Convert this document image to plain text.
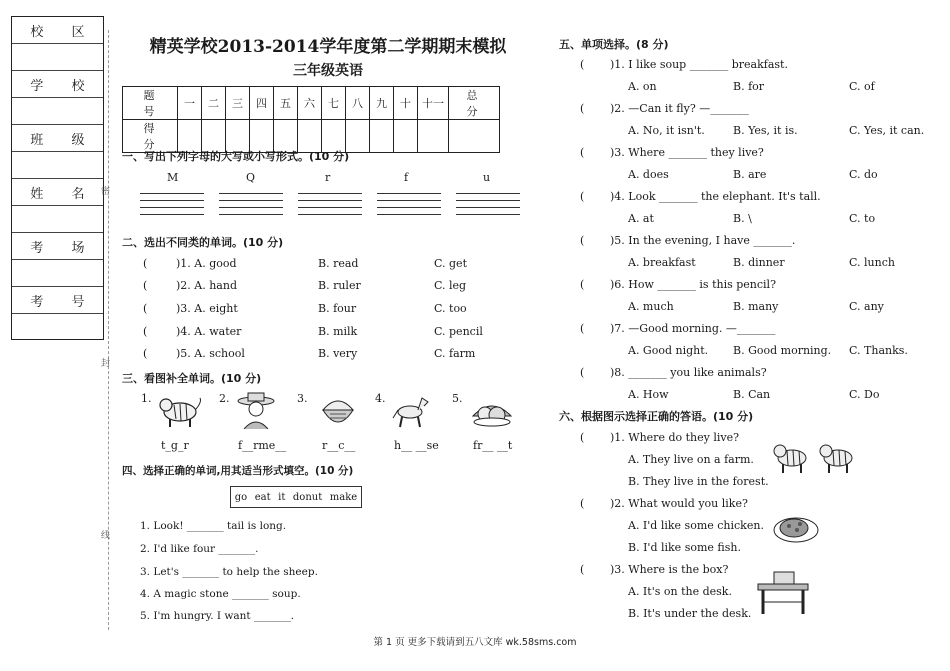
校 区
学 校
班 级
姓 名
考 场
考 号
密
封
线
精英学校2013-2014学年度第二学期期末模拟
三年级英语
题 号	一	二	三	四	五	六	七	八	九	十	十一	总 分
得 分												
一、写出下列字母的大写或小写形式。(10 分)
M	Q	r	f	u
二、选出不同类的单词。(10 分)
(	)1. A. good	B. read	C. get
(	)2. A. hand	B. ruler	C. leg
(	)3. A. eight	B. four	C. too
(	)4. A. water	B. milk	C. pencil
(	)5. A. school	B. very	C. farm
三、看图补全单词。(10 分)
1.	2.	3.	4.	5.
t_g_r	f__rme__	r__c__	h__ __se	fr__ __t
四、选择正确的单词,用其适当形式填空。(10 分)
go eat it donut make
1. Look! _______ tail is long.
2. I'd like four _______.
3. Let's _______ to help the sheep.
4. A magic stone _______ soup.
5. I'm hungry. I want _______.
五、单项选择。(8 分)
( )1. I like soup _______ breakfast.
A. on	B. for	C. of
( )2. —Can it fly? —_______
A. No, it isn't.	B. Yes, it is.	C. Yes, it can.
( )3. Where _______ they live?
A. does	B. are	C. do
( )4. Look _______ the elephant. It's tall.
A. at	B. \	C. to
( )5. In the evening, I have _______.
A. breakfast	B. dinner	C. lunch
( )6. How _______ is this pencil?
A. much	B. many	C. any
( )7. —Good morning. —_______
A. Good night. B. Good morning. C. Thanks.
( )8. _______ you like animals?
A. How	B. Can	C. Do
六、根据图示选择正确的答语。(10 分)
( )1. Where do they live?
A. They live on a farm.
B. They live in the forest.
( )2. What would you like?
A. I'd like some chicken.
B. I'd like some fish.
( )3. Where is the box?
A. It's on the desk.
B. It's under the desk.
第 1 页 更多下载请到五八文库 wk.58sms.com
